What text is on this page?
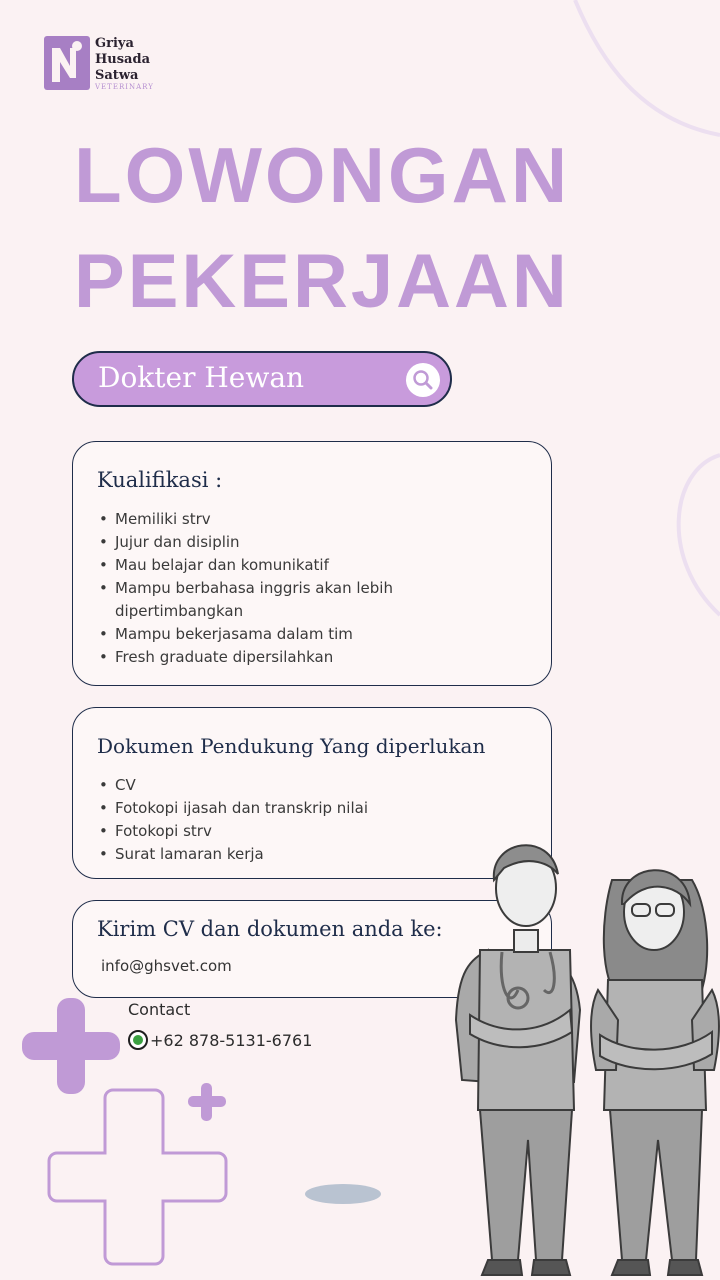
Griya
Husada
Satwa
VETERINARY
LOWONGAN
PEKERJAAN
Dokter Hewan
Kualifikasi :
• Memiliki strv
• Jujur dan disiplin
• Mau belajar dan komunikatif
• Mampu berbahasa inggris akan lebih dipertimbangkan
• Mampu bekerjasama dalam tim
• Fresh graduate dipersilahkan
Dokumen Pendukung Yang diperlukan
• CV
• Fotokopi ijasah dan transkrip nilai
• Fotokopi strv
• Surat lamaran kerja
Kirim CV dan dokumen anda ke:
info@ghsvet.com
Contact
+62 878-5131-6761
